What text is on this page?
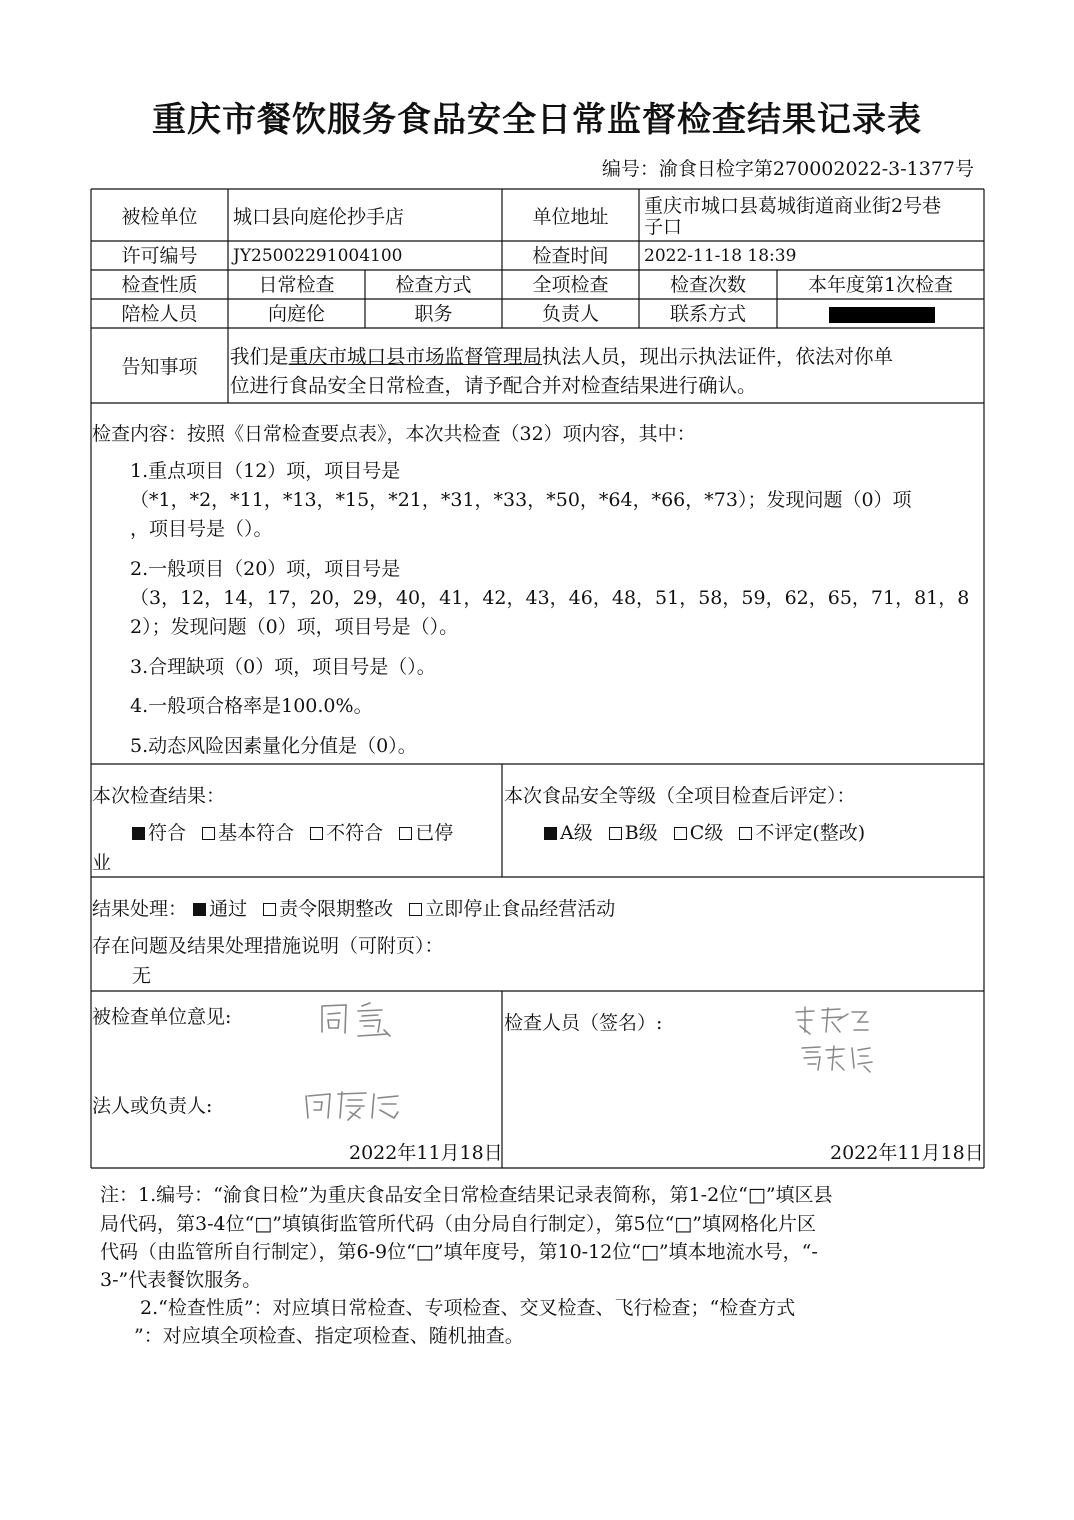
重庆市餐饮服务食品安全日常监督检查结果记录表
编号：渝食日检字第270002022-3-1377号
被检单位	城口县向庭伦抄手店	单位地址	重庆市城口县葛城街道商业街2号巷
子口
许可编号	JY25002291004100	检查时间	2022-11-18 18:39
检查性质	日常检查	检查方式	全项检查	检查次数	本年度第1次检查
陪检人员	向庭伦	职务	负责人	联系方式
告知事项	我们是重庆市城口县市场监督管理局执法人员，现出示执法证件，依法对你单
位进行食品安全日常检查，请予配合并对检查结果进行确认。
检查内容：按照《日常检查要点表》，本次共检查（32）项内容，其中：
1.重点项目（12）项，项目号是
（*1，*2，*11，*13，*15，*21，*31，*33，*50，*64，*66，*73）；发现问题（0）项
，项目号是（）。
2.一般项目（20）项，项目号是
（3，12，14，17，20，29，40，41，42，43，46，48，51，58，59，62，65，71，81，8
2）；发现问题（0）项，项目号是（）。
3.合理缺项（0）项，项目号是（）。
4.一般项合格率是100.0%。
5.动态风险因素量化分值是（0）。
本次检查结果：
符合 基本符合 不符合 已停
业
本次食品安全等级（全项目检查后评定）：
A级 B级 C级 不评定(整改)
结果处理： 通过 责令限期整改 立即停止食品经营活动
存在问题及结果处理措施说明（可附页）：
无
被检查单位意见:
法人或负责人:
2022年11月18日
检查人员（签名）:
2022年11月18日
注：1.编号：“渝食日检”为重庆食品安全日常检查结果记录表简称，第1-2位“□”填区县
局代码，第3-4位“□”填镇街监管所代码（由分局自行制定），第5位“□”填网格化片区
代码（由监管所自行制定），第6-9位“□”填年度号，第10-12位“□”填本地流水号，“-
3-”代表餐饮服务。
2.“检查性质”：对应填日常检查、专项检查、交叉检查、飞行检查；“检查方式
”：对应填全项检查、指定项检查、随机抽查。
